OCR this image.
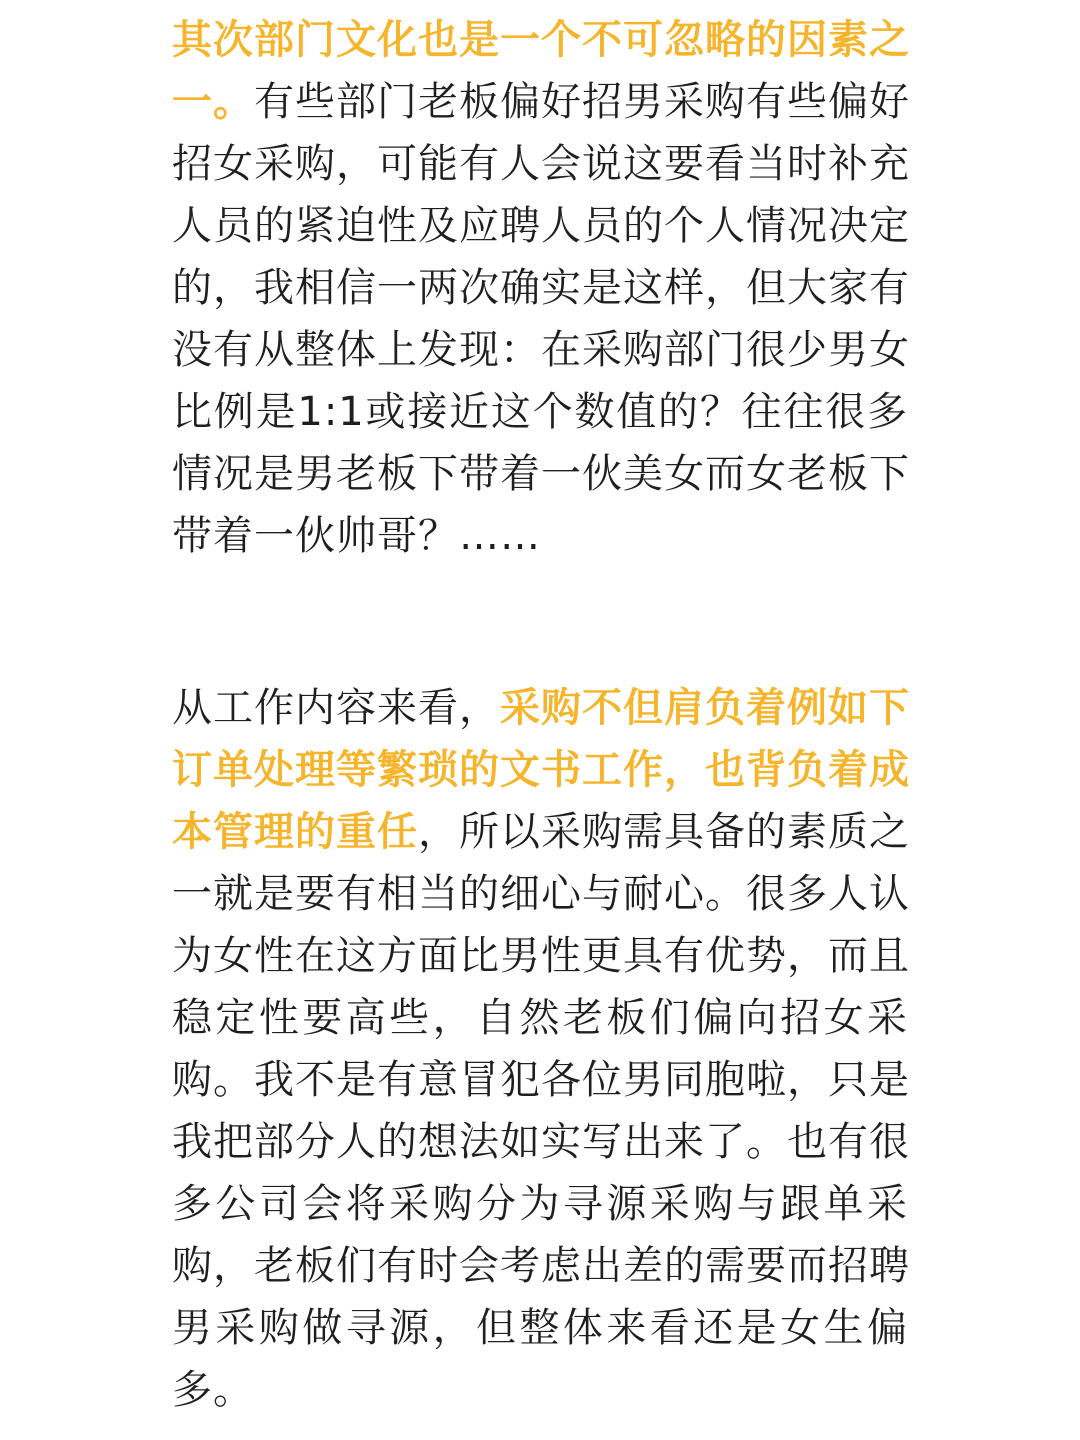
其次部门文化也是一个不可忽略的因素之
一。有些部门老板偏好招男采购有些偏好
招女采购，可能有人会说这要看当时补充
人员的紧迫性及应聘人员的个人情况决定
的，我相信一两次确实是这样，但大家有
没有从整体上发现：在采购部门很少男女
比例是1:1或接近这个数值的？往往很多
情况是男老板下带着一伙美女而女老板下
带着一伙帅哥？……
从工作内容来看，采购不但肩负着例如下
订单处理等繁琐的文书工作，也背负着成
本管理的重任，所以采购需具备的素质之
一就是要有相当的细心与耐心。很多人认
为女性在这方面比男性更具有优势，而且
稳定性要高些，自然老板们偏向招女采
购。我不是有意冒犯各位男同胞啦，只是
我把部分人的想法如实写出来了。也有很
多公司会将采购分为寻源采购与跟单采
购，老板们有时会考虑出差的需要而招聘
男采购做寻源，但整体来看还是女生偏
多。
